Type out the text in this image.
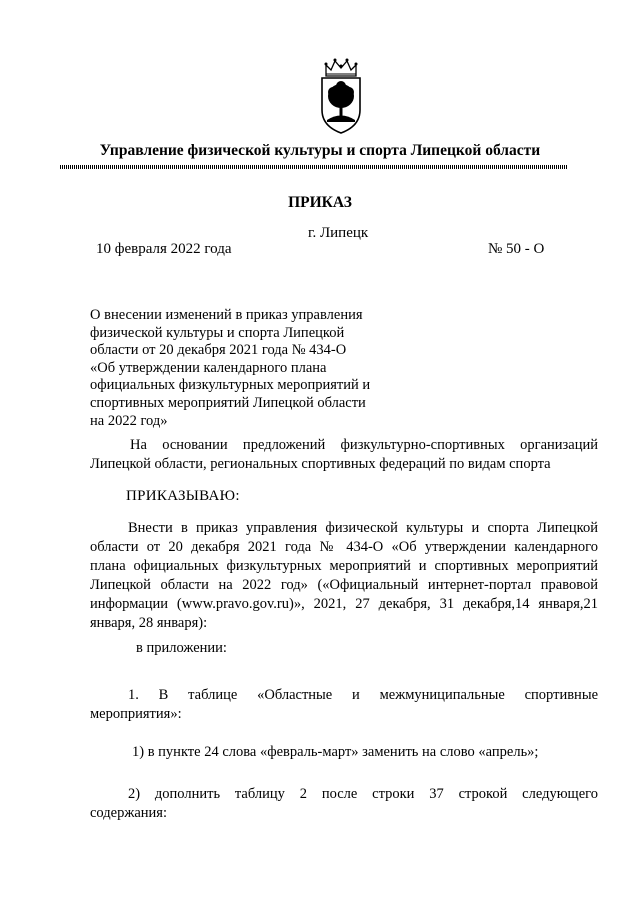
Управление физической культуры и спорта Липецкой области
ПРИКАЗ
г. Липецк
10 февраля 2022 года	№ 50 - О
О внесении изменений в приказ управления
физической культуры и спорта Липецкой
области от 20 декабря 2021 года № 434-О
«Об утверждении календарного плана
официальных физкультурных мероприятий и
спортивных мероприятий Липецкой области
на 2022 год»
На основании предложений физкультурно-спортивных организаций
Липецкой области, региональных спортивных федераций по видам спорта
ПРИКАЗЫВАЮ:
Внести в приказ управления физической культуры и спорта Липецкой
области от 20 декабря 2021 года № 434-О «Об утверждении календарного
плана официальных физкультурных мероприятий и спортивных мероприятий
Липецкой области на 2022 год» («Официальный интернет-портал правовой
информации (www.pravo.gov.ru)», 2021, 27 декабря, 31 декабря,14 января,21
января, 28 января):
в приложении:
1. В таблице «Областные и межмуниципальные спортивные
мероприятия»:
1) в пункте 24 слова «февраль-март» заменить на слово «апрель»;
2) дополнить таблицу 2 после строки 37 строкой следующего
содержания:
